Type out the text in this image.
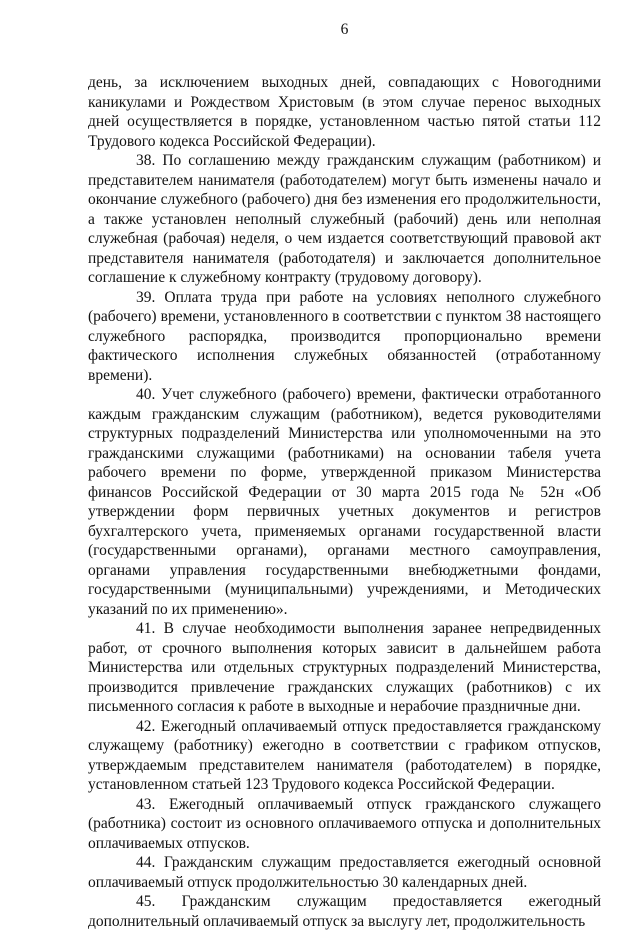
6

день, за исключением выходных дней, совпадающих с Новогодними каникулами и Рождеством Христовым (в этом случае перенос выходных дней осуществляется в порядке, установленном частью пятой статьи 112 Трудового кодекса Российской Федерации).

38. По соглашению между гражданским служащим (работником) и представителем нанимателя (работодателем) могут быть изменены начало и окончание служебного (рабочего) дня без изменения его продолжительности, а также установлен неполный служебный (рабочий) день или неполная служебная (рабочая) неделя, о чем издается соответствующий правовой акт представителя нанимателя (работодателя) и заключается дополнительное соглашение к служебному контракту (трудовому договору).

39. Оплата труда при работе на условиях неполного служебного (рабочего) времени, установленного в соответствии с пунктом 38 настоящего служебного распорядка, производится пропорционально времени фактического исполнения служебных обязанностей (отработанному времени).

40. Учет служебного (рабочего) времени, фактически отработанного каждым гражданским служащим (работником), ведется руководителями структурных подразделений Министерства или уполномоченными на это гражданскими служащими (работниками) на основании табеля учета рабочего времени по форме, утвержденной приказом Министерства финансов Российской Федерации от 30 марта 2015 года № 52н «Об утверждении форм первичных учетных документов и регистров бухгалтерского учета, применяемых органами государственной власти (государственными органами), органами местного самоуправления, органами управления государственными внебюджетными фондами, государственными (муниципальными) учреждениями, и Методических указаний по их применению».

41. В случае необходимости выполнения заранее непредвиденных работ, от срочного выполнения которых зависит в дальнейшем работа Министерства или отдельных структурных подразделений Министерства, производится привлечение гражданских служащих (работников) с их письменного согласия к работе в выходные и нерабочие праздничные дни.

42. Ежегодный оплачиваемый отпуск предоставляется гражданскому служащему (работнику) ежегодно в соответствии с графиком отпусков, утверждаемым представителем нанимателя (работодателем) в порядке, установленном статьей 123 Трудового кодекса Российской Федерации.

43. Ежегодный оплачиваемый отпуск гражданского служащего (работника) состоит из основного оплачиваемого отпуска и дополнительных оплачиваемых отпусков.

44. Гражданским служащим предоставляется ежегодный основной оплачиваемый отпуск продолжительностью 30 календарных дней.

45. Гражданским служащим предоставляется ежегодный дополнительный оплачиваемый отпуск за выслугу лет, продолжительность
